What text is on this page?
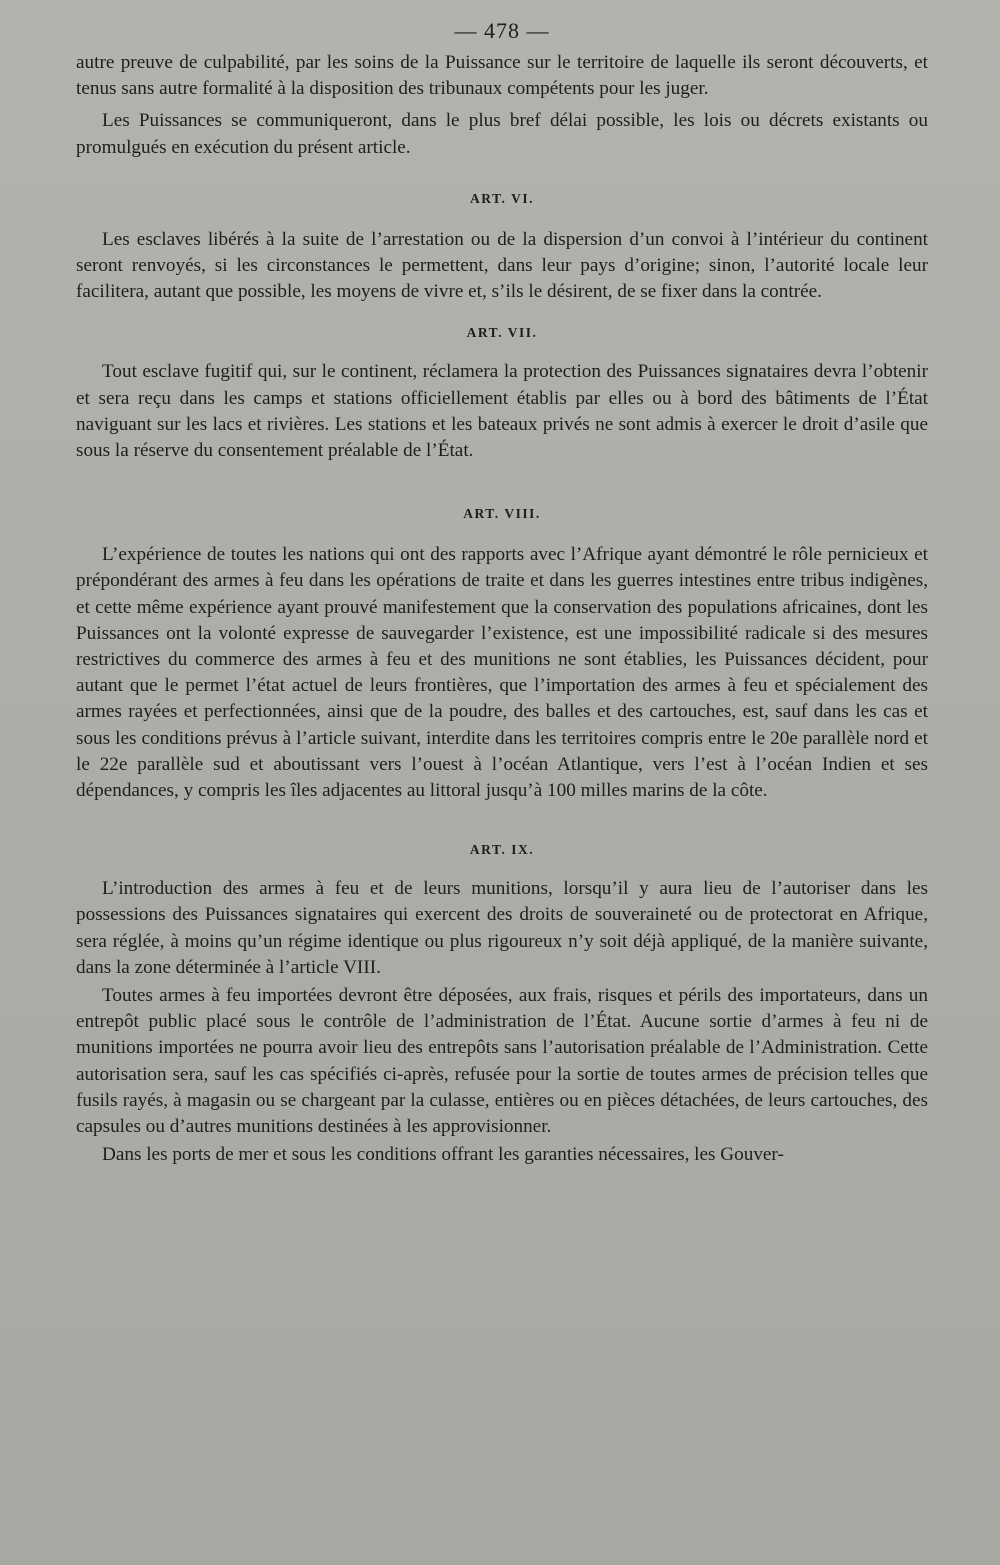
— 478 —

autre preuve de culpabilité, par les soins de la Puissance sur le territoire de laquelle ils seront découverts, et tenus sans autre formalité à la disposition des tribunaux compétents pour les juger.

Les Puissances se communiqueront, dans le plus bref délai possible, les lois ou décrets existants ou promulgués en exécution du présent article.

ART. VI.

Les esclaves libérés à la suite de l’arrestation ou de la dispersion d’un convoi à l’intérieur du continent seront renvoyés, si les circonstances le permettent, dans leur pays d’origine; sinon, l’autorité locale leur facilitera, autant que possible, les moyens de vivre et, s’ils le désirent, de se fixer dans la contrée.

ART. VII.

Tout esclave fugitif qui, sur le continent, réclamera la protection des Puissances signataires devra l’obtenir et sera reçu dans les camps et stations officiellement établis par elles ou à bord des bâtiments de l’État naviguant sur les lacs et rivières. Les stations et les bateaux privés ne sont admis à exercer le droit d’asile que sous la réserve du consentement préalable de l’État.

ART. VIII.

L’expérience de toutes les nations qui ont des rapports avec l’Afrique ayant démontré le rôle pernicieux et prépondérant des armes à feu dans les opérations de traite et dans les guerres intestines entre tribus indigènes, et cette même expérience ayant prouvé manifestement que la conservation des populations africaines, dont les Puissances ont la volonté expresse de sauvegarder l’existence, est une impossibilité radicale si des mesures restrictives du commerce des armes à feu et des munitions ne sont établies, les Puissances décident, pour autant que le permet l’état actuel de leurs frontières, que l’importation des armes à feu et spécialement des armes rayées et perfectionnées, ainsi que de la poudre, des balles et des cartouches, est, sauf dans les cas et sous les conditions prévus à l’article suivant, interdite dans les territoires compris entre le 20e parallèle nord et le 22e parallèle sud et aboutissant vers l’ouest à l’océan Atlantique, vers l’est à l’océan Indien et ses dépendances, y compris les îles adjacentes au littoral jusqu’à 100 milles marins de la côte.

ART. IX.

L’introduction des armes à feu et de leurs munitions, lorsqu’il y aura lieu de l’autoriser dans les possessions des Puissances signataires qui exercent des droits de souveraineté ou de protectorat en Afrique, sera réglée, à moins qu’un régime identique ou plus rigoureux n’y soit déjà appliqué, de la manière suivante, dans la zone déterminée à l’article VIII.

Toutes armes à feu importées devront être déposées, aux frais, risques et périls des importateurs, dans un entrepôt public placé sous le contrôle de l’administration de l’État. Aucune sortie d’armes à feu ni de munitions importées ne pourra avoir lieu des entrepôts sans l’autorisation préalable de l’Administration. Cette autorisation sera, sauf les cas spécifiés ci-après, refusée pour la sortie de toutes armes de précision telles que fusils rayés, à magasin ou se chargeant par la culasse, entières ou en pièces détachées, de leurs cartouches, des capsules ou d’autres munitions destinées à les approvisionner.

Dans les ports de mer et sous les conditions offrant les garanties nécessaires, les Gouver-
